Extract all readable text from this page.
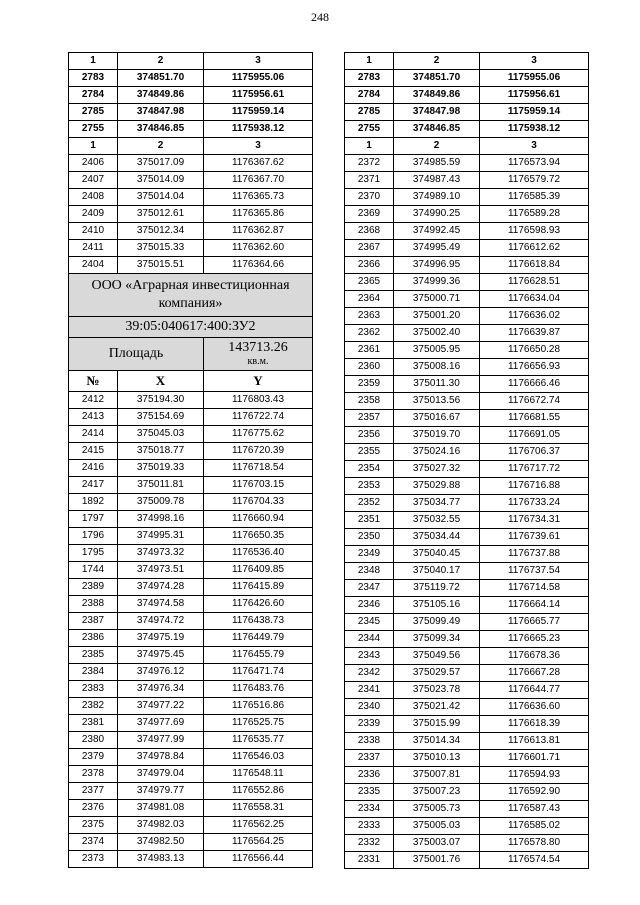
248
1	2	3
2783	374851.70	1175955.06
2784	374849.86	1175956.61
2785	374847.98	1175959.14
2755	374846.85	1175938.12
1	2	3
2406	375017.09	1176367.62
2407	375014.09	1176367.70
2408	375014.04	1176365.73
2409	375012.61	1176365.86
2410	375012.34	1176362.87
2411	375015.33	1176362.60
2404	375015.51	1176364.66
ООО «Аграрная инвестиционная компания»		
39:05:040617:400:ЗУ2		
Площадь		143713.26
кв.м.

№	X	Y
2412	375194.30	1176803.43
2413	375154.69	1176722.74
2414	375045.03	1176775.62
2415	375018.77	1176720.39
2416	375019.33	1176718.54
2417	375011.81	1176703.15
1892	375009.78	1176704.33
1797	374998.16	1176660.94
1796	374995.31	1176650.35
1795	374973.32	1176536.40
1744	374973.51	1176409.85
2389	374974.28	1176415.89
2388	374974.58	1176426.60
2387	374974.72	1176438.73
2386	374975.19	1176449.79
2385	374975.45	1176455.79
2384	374976.12	1176471.74
2383	374976.34	1176483.76
2382	374977.22	1176516.86
2381	374977.69	1176525.75
2380	374977.99	1176535.77
2379	374978.84	1176546.03
2378	374979.04	1176548.11
2377	374979.77	1176552.86
2376	374981.08	1176558.31
2375	374982.03	1176562.25
2374	374982.50	1176564.25
2373	374983.13	1176566.44
1	2	3
2783	374851.70	1175955.06
2784	374849.86	1175956.61
2785	374847.98	1175959.14
2755	374846.85	1175938.12
1	2	3
2372	374985.59	1176573.94
2371	374987.43	1176579.72
2370	374989.10	1176585.39
2369	374990.25	1176589.28
2368	374992.45	1176598.93
2367	374995.49	1176612.62
2366	374996.95	1176618.84
2365	374999.36	1176628.51
2364	375000.71	1176634.04
2363	375001.20	1176636.02
2362	375002.40	1176639.87
2361	375005.95	1176650.28
2360	375008.16	1176656.93
2359	375011.30	1176666.46
2358	375013.56	1176672.74
2357	375016.67	1176681.55
2356	375019.70	1176691.05
2355	375024.16	1176706.37
2354	375027.32	1176717.72
2353	375029.88	1176716.88
2352	375034.77	1176733.24
2351	375032.55	1176734.31
2350	375034.44	1176739.61
2349	375040.45	1176737.88
2348	375040.17	1176737.54
2347	375119.72	1176714.58
2346	375105.16	1176664.14
2345	375099.49	1176665.77
2344	375099.34	1176665.23
2343	375049.56	1176678.36
2342	375029.57	1176667.28
2341	375023.78	1176644.77
2340	375021.42	1176636.60
2339	375015.99	1176618.39
2338	375014.34	1176613.81
2337	375010.13	1176601.71
2336	375007.81	1176594.93
2335	375007.23	1176592.90
2334	375005.73	1176587.43
2333	375005.03	1176585.02
2332	375003.07	1176578.80
2331	375001.76	1176574.54
